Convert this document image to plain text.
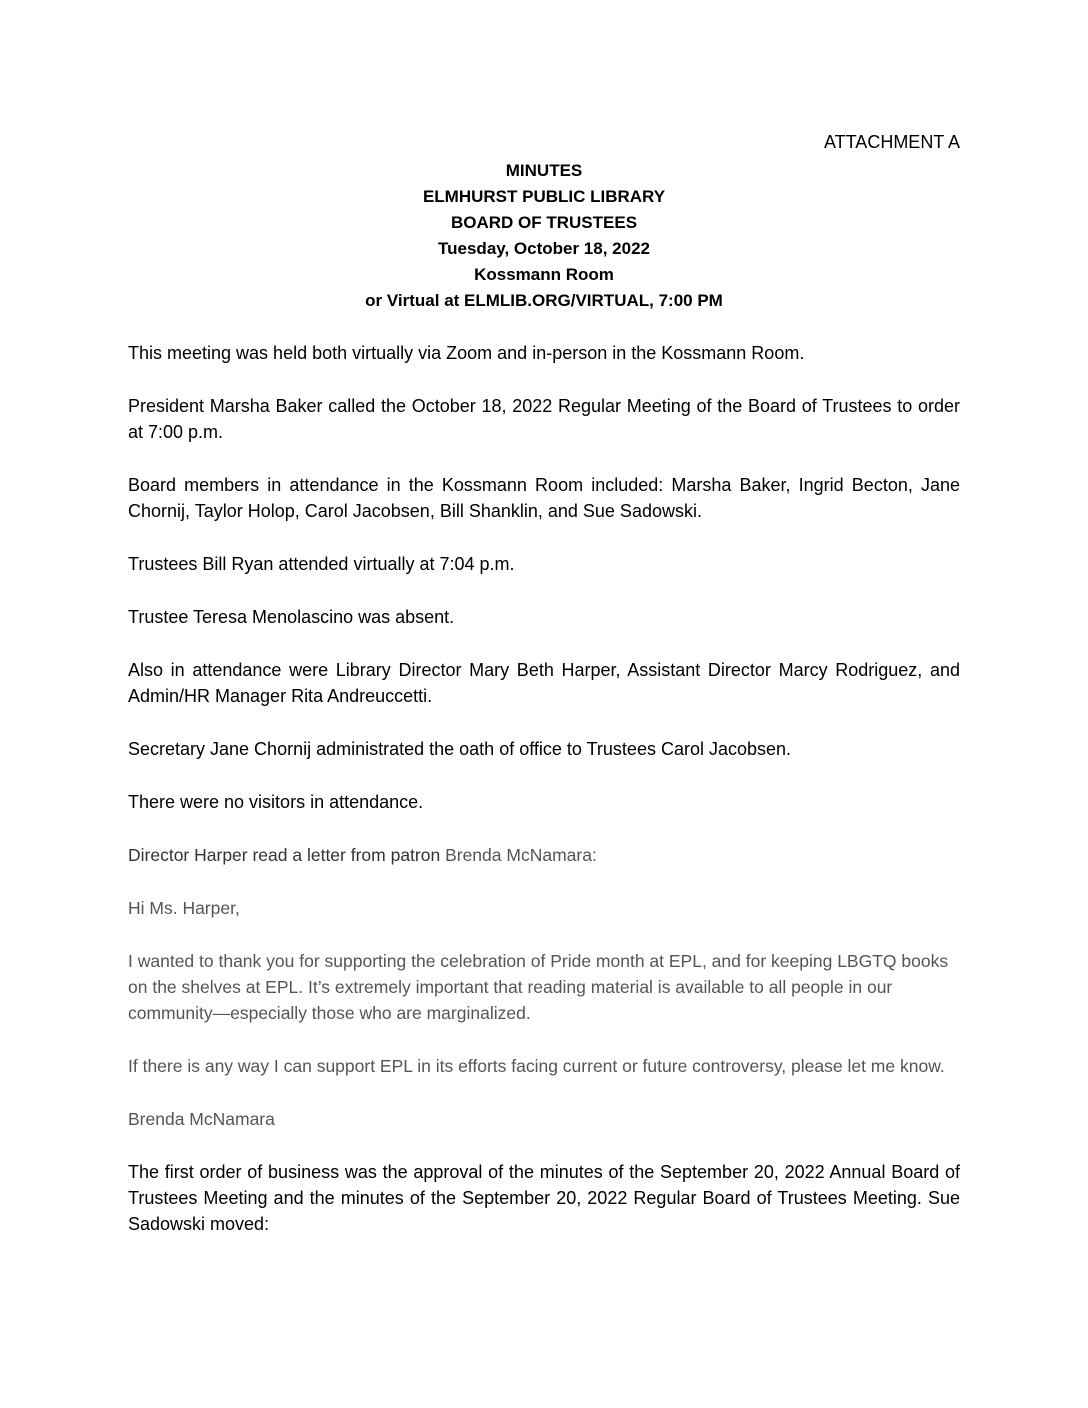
ATTACHMENT A
MINUTES
ELMHURST PUBLIC LIBRARY
BOARD OF TRUSTEES
Tuesday, October 18, 2022
Kossmann Room
or Virtual at ELMLIB.ORG/VIRTUAL, 7:00 PM

This meeting was held both virtually via Zoom and in-person in the Kossmann Room.

President Marsha Baker called the October 18, 2022 Regular Meeting of the Board of Trustees to order at 7:00 p.m.

Board members in attendance in the Kossmann Room included: Marsha Baker, Ingrid Becton, Jane Chornij, Taylor Holop, Carol Jacobsen, Bill Shanklin, and Sue Sadowski.

Trustees Bill Ryan attended virtually at 7:04 p.m.

Trustee Teresa Menolascino was absent.

Also in attendance were Library Director Mary Beth Harper, Assistant Director Marcy Rodriguez, and Admin/HR Manager Rita Andreuccetti.

Secretary Jane Chornij administrated the oath of office to Trustees Carol Jacobsen.

There were no visitors in attendance.

Director Harper read a letter from patron Brenda McNamara:

Hi Ms. Harper,

I wanted to thank you for supporting the celebration of Pride month at EPL, and for keeping LBGTQ books on the shelves at EPL. It’s extremely important that reading material is available to all people in our community—especially those who are marginalized.

If there is any way I can support EPL in its efforts facing current or future controversy, please let me know.

Brenda McNamara

The first order of business was the approval of the minutes of the September 20, 2022 Annual Board of Trustees Meeting and the minutes of the September 20, 2022 Regular Board of Trustees Meeting. Sue Sadowski moved:
